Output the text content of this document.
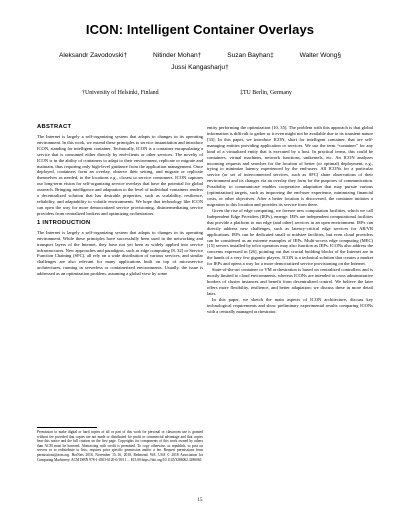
ICON: Intelligent Container Overlays
Aleksandr Zavodovski†	Nitinder Mohan†	Suzan Bayhan‡	Walter Wong§
Jussi Kangasharju†
†University of Helsinki, Finland	‡TU Berlin, Germany
ABSTRACT

The Internet is largely a self-organizing system that adapts to changes in its operating environment. In this work, we extend these principles to service instantiation and introduce ICON, standing for intelligent container. Technically, ICON is a container encapsulating a service that is consumed either directly by end-clients or other services. The novelty of ICON is in the ability of containers to adapt to their environment, replicate or migrate and maintain, thus requiring only high-level guidance from the application management. Once deployed, containers form an overlay, observe their setting, and migrate or replicate themselves as needed, to the locations e.g., closest to service consumers. ICON captures our long-term vision for self-organizing service overlays that have the potential for global outreach. Bringing intelligence and adaptation to the level of individual containers renders a decentralized solution that has desirable properties, such as scalability, resilience, reliability, and adaptability to volatile environments. We hope that technology like ICON can open the way for more democratized service provisioning, disintermediating service providers from centralized brokers and optimizing orchestrators.

1 INTRODUCTION

The Internet is largely a self-organizing system that adapts to changes in its operating environment. While these principles have successfully been used in the networking and transport layers of the Internet, they have not yet been as widely applied into service infrastructures. New approaches and paradigms, such as edge computing [8, 32] or Service Function Chaining (SFC), all rely on a wide distribution of various services, and similar challenges are also relevant for many applications built on top of microservice architectures, running in serverless or containerized environments. Usually, the issue is addressed as an optimization problem, assuming a global view by some

Permission to make digital or hard copies of all or part of this work for personal or classroom use is granted without fee provided that copies are not made or distributed for profit or commercial advantage and that copies bear this notice and the full citation on the first page. Copyrights for components of this work owned by others than ACM must be honored. Abstracting with credit is permitted. To copy otherwise, or republish, to post on servers or to redistribute to lists, requires prior specific permission and/or a fee. Request permissions from permissions@acm.org. HotNets 2018, November 15–16, 2018, Redmond, WA, USA © 2018 Association for Computing Machinery. ACM ISBN 978-1-4503-6120-0/18/11 ... $15.00 https://doi.org/10.1145/3286062.3286065

entity performing the optimization [10, 35]. The problem with this approach is that global information is difficult to gather or it even might not be available due to its transient nature [33]. In this paper, we introduce ICON, short for intelligent container, that are self-managing entities providing application or services. We use the term “container” for any kind of a virtualized entity that is executed by a host. In practical terms, this could be containers, virtual machines, network functions, unikernels, etc. An ICON analyzes incoming requests and searches for the location of better (or optimal) deployment, e.g., trying to minimize latency experienced by the end-users. All ICONs for a particular service (or set of interconnected services, such as SFC) share observations of their environment and its changes via an overlay they form for the purposes of communication. Possibility to communicate enables cooperative adaptation that may pursue various (optimization) targets, such as improving the end-user experience, minimizing financial costs, or other objectives. After a better location is discovered, the container initiates a migration to this location and provides its service from there.

Given the rise of edge computing, we foresee new computation facilities, which we call Independent Edge Providers (IEPs), emerge. IEPs are independent computational facilities that provide a platform to run edge (and other) services in an open environment. IEPs can directly address new challenges, such as latency-critical edge services for AR/VR applications. IEPs can be dedicated small or midsize facilities, but even cloud providers can be considered as an extreme examples of IEPs. Multi-access edge computing (MEC) [15] servers installed by telco operators may also function as IEPs. ICONs also address the concerns expressed in [26], pointing out that crucial building blocks of the Internet are in the hands of a very few gigantic players. ICON is a technical solution that creates a market for IEPs and opens a way for a more democratized service provisioning on the Internet.

State-of-the-art container or VM orchestration is based on centralized controllers and is mostly limited to cloud environments, whereas ICONs are intended to cross administrative borders of cluster instances and benefit from decentralized control. We believe the later offers more flexibility, resilience, and better adaptation; we discuss these in more detail later.

In this paper, we sketch the main aspects of ICON architecture, discuss key technological requirements and show preliminary experimental results comparing ICONs with a centrally managed orchestrator.

15
